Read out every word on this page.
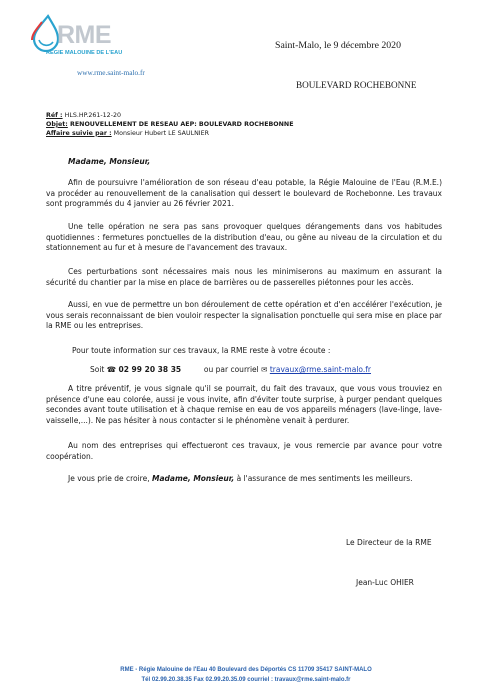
RME
RÉGIE MALOUINE DE L'EAU
www.rme.saint-malo.fr
Saint-Malo, le 9 décembre 2020
BOULEVARD ROCHEBONNE
Réf : HLS.HP.261-12-20
Objet: RENOUVELLEMENT DE RESEAU AEP: BOULEVARD ROCHEBONNE
Affaire suivie par : Monsieur Hubert LE SAULNIER
Madame, Monsieur,

Afin de poursuivre l'amélioration de son réseau d'eau potable, la Régie Malouine de l'Eau (R.M.E.) va procéder au renouvellement de la canalisation qui dessert le boulevard de Rochebonne. Les travaux sont programmés du 4 janvier au 26 février 2021.

Une telle opération ne sera pas sans provoquer quelques dérangements dans vos habitudes quotidiennes : fermetures ponctuelles de la distribution d'eau, ou gêne au niveau de la circulation et du stationnement au fur et à mesure de l'avancement des travaux.

Ces perturbations sont nécessaires mais nous les minimiserons au maximum en assurant la sécurité du chantier par la mise en place de barrières ou de passerelles piétonnes pour les accès.

Aussi, en vue de permettre un bon déroulement de cette opération et d'en accélérer l'exécution, je vous serais reconnaissant de bien vouloir respecter la signalisation ponctuelle qui sera mise en place par la RME ou les entreprises.

Pour toute information sur ces travaux, la RME reste à votre écoute :
Soit ☎ 02 99 20 38 35	ou par courriel ✉ travaux@rme.saint-malo.fr

A titre préventif, je vous signale qu'il se pourrait, du fait des travaux, que vous vous trouviez en présence d'une eau colorée, aussi je vous invite, afin d'éviter toute surprise, à purger pendant quelques secondes avant toute utilisation et à chaque remise en eau de vos appareils ménagers (lave-linge, lave-vaisselle,...). Ne pas hésiter à nous contacter si le phénomène venait à perdurer.

Au nom des entreprises qui effectueront ces travaux, je vous remercie par avance pour votre coopération.

Je vous prie de croire, Madame, Monsieur, à l'assurance de mes sentiments les meilleurs.

Le Directeur de la RME
Jean-Luc OHIER
RME - Régie Malouine de l'Eau 40 Boulevard des Déportés CS 11709 35417 SAINT-MALO
Tél 02.99.20.38.35 Fax 02.99.20.35.09 courriel : travaux@rme.saint-malo.fr
